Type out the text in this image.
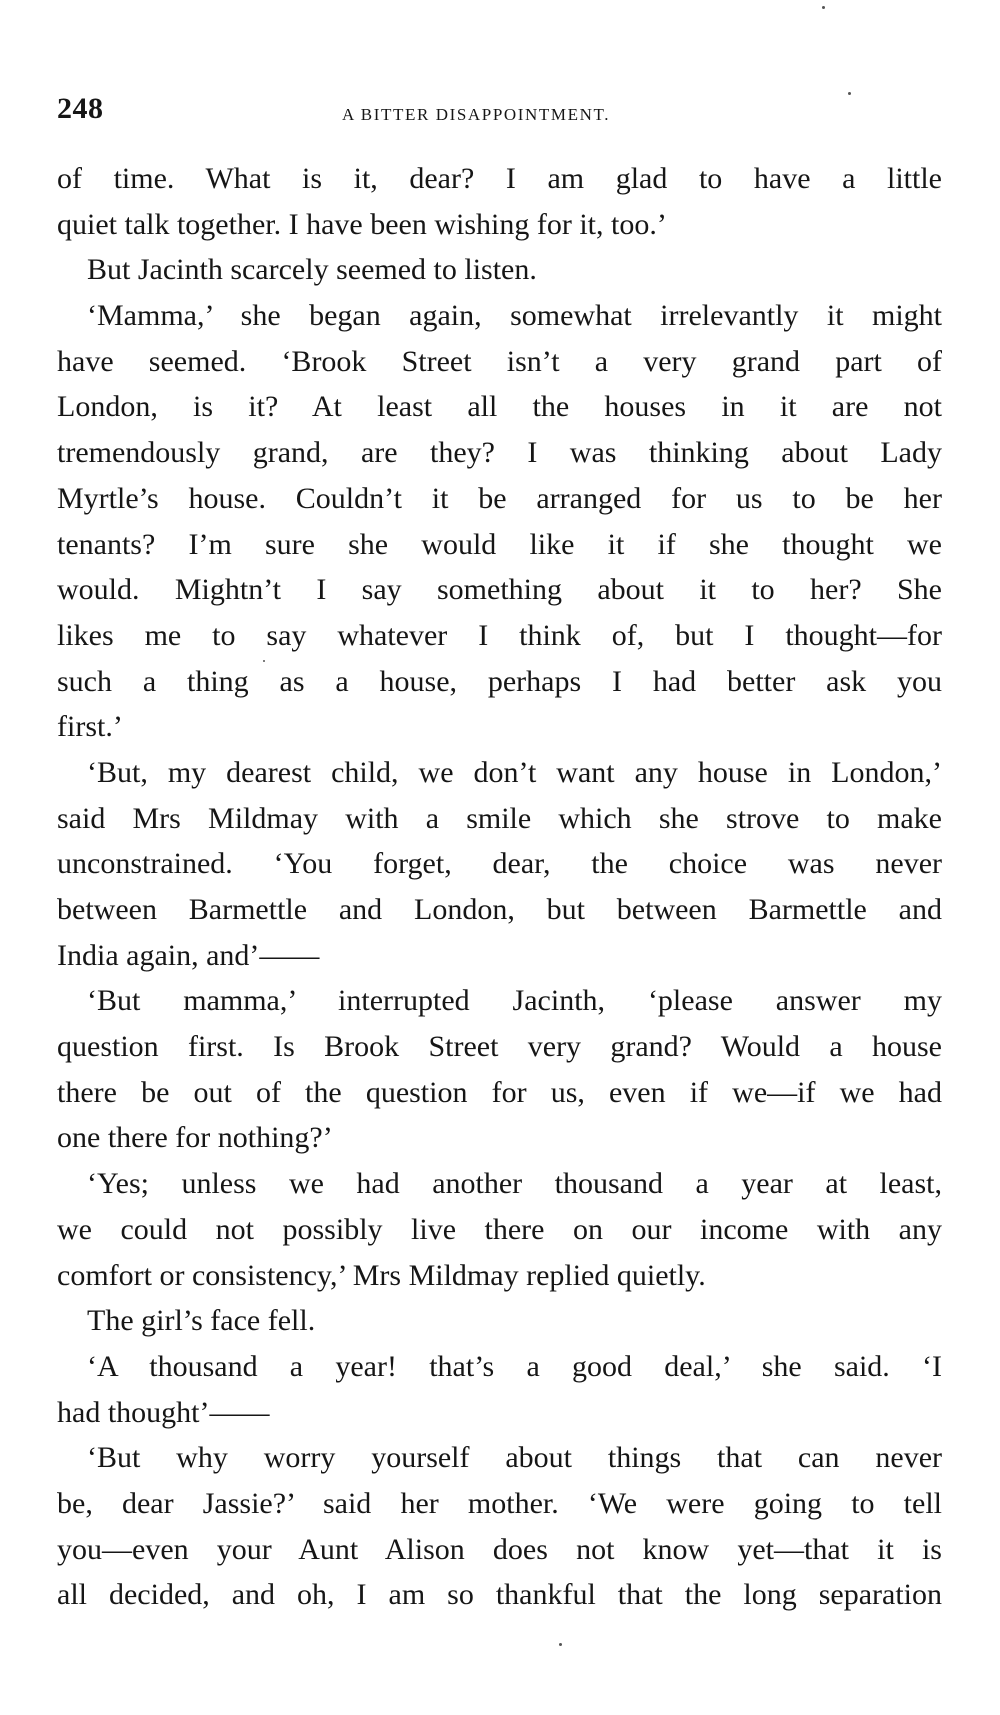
248	A BITTER DISAPPOINTMENT.
of time. What is it, dear? I am glad to have a little
quiet talk together. I have been wishing for it, too.’
But Jacinth scarcely seemed to listen.
‘Mamma,’ she began again, somewhat irrelevantly it might
have seemed. ‘Brook Street isn’t a very grand part of
London, is it? At least all the houses in it are not
tremendously grand, are they? I was thinking about Lady
Myrtle’s house. Couldn’t it be arranged for us to be her
tenants? I’m sure she would like it if she thought we
would. Mightn’t I say something about it to her? She
likes me to say whatever I think of, but I thought—for
such a thing as a house, perhaps I had better ask you
first.’
‘But, my dearest child, we don’t want any house in London,’
said Mrs Mildmay with a smile which she strove to make
unconstrained. ‘You forget, dear, the choice was never
between Barmettle and London, but between Barmettle and
India again, and’——
‘But mamma,’ interrupted Jacinth, ‘please answer my
question first. Is Brook Street very grand? Would a house
there be out of the question for us, even if we—if we had
one there for nothing?’
‘Yes; unless we had another thousand a year at least,
we could not possibly live there on our income with any
comfort or consistency,’ Mrs Mildmay replied quietly.
The girl’s face fell.
‘A thousand a year! that’s a good deal,’ she said. ‘I
had thought’——
‘But why worry yourself about things that can never
be, dear Jassie?’ said her mother. ‘We were going to tell
you—even your Aunt Alison does not know yet—that it is
all decided, and oh, I am so thankful that the long separation
